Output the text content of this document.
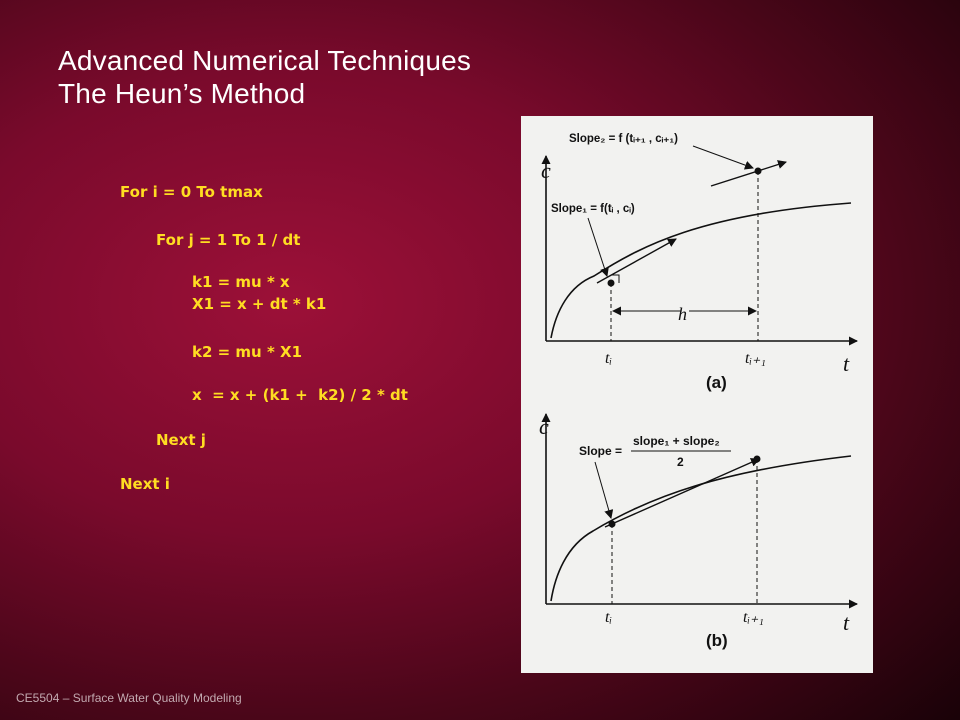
Advanced Numerical Techniques
The Heun’s Method
For i = 0 To tmax
For j = 1 To 1 / dt
k1 = mu * x
X1 = x + dt * k1
k2 = mu * X1
x  = x + (k1 +  k2) / 2 * dt
Next j
Next i
c
t
h
Slope₂ = f (tᵢ₊₁ , cᵢ₊₁)
Slope₁ = f(tᵢ , cᵢ)
tᵢ	tᵢ₊₁
(a)
c
t
Slope =
slope₁ + slope₂
2
tᵢ	tᵢ₊₁
(b)
CE5504 – Surface Water Quality Modeling
